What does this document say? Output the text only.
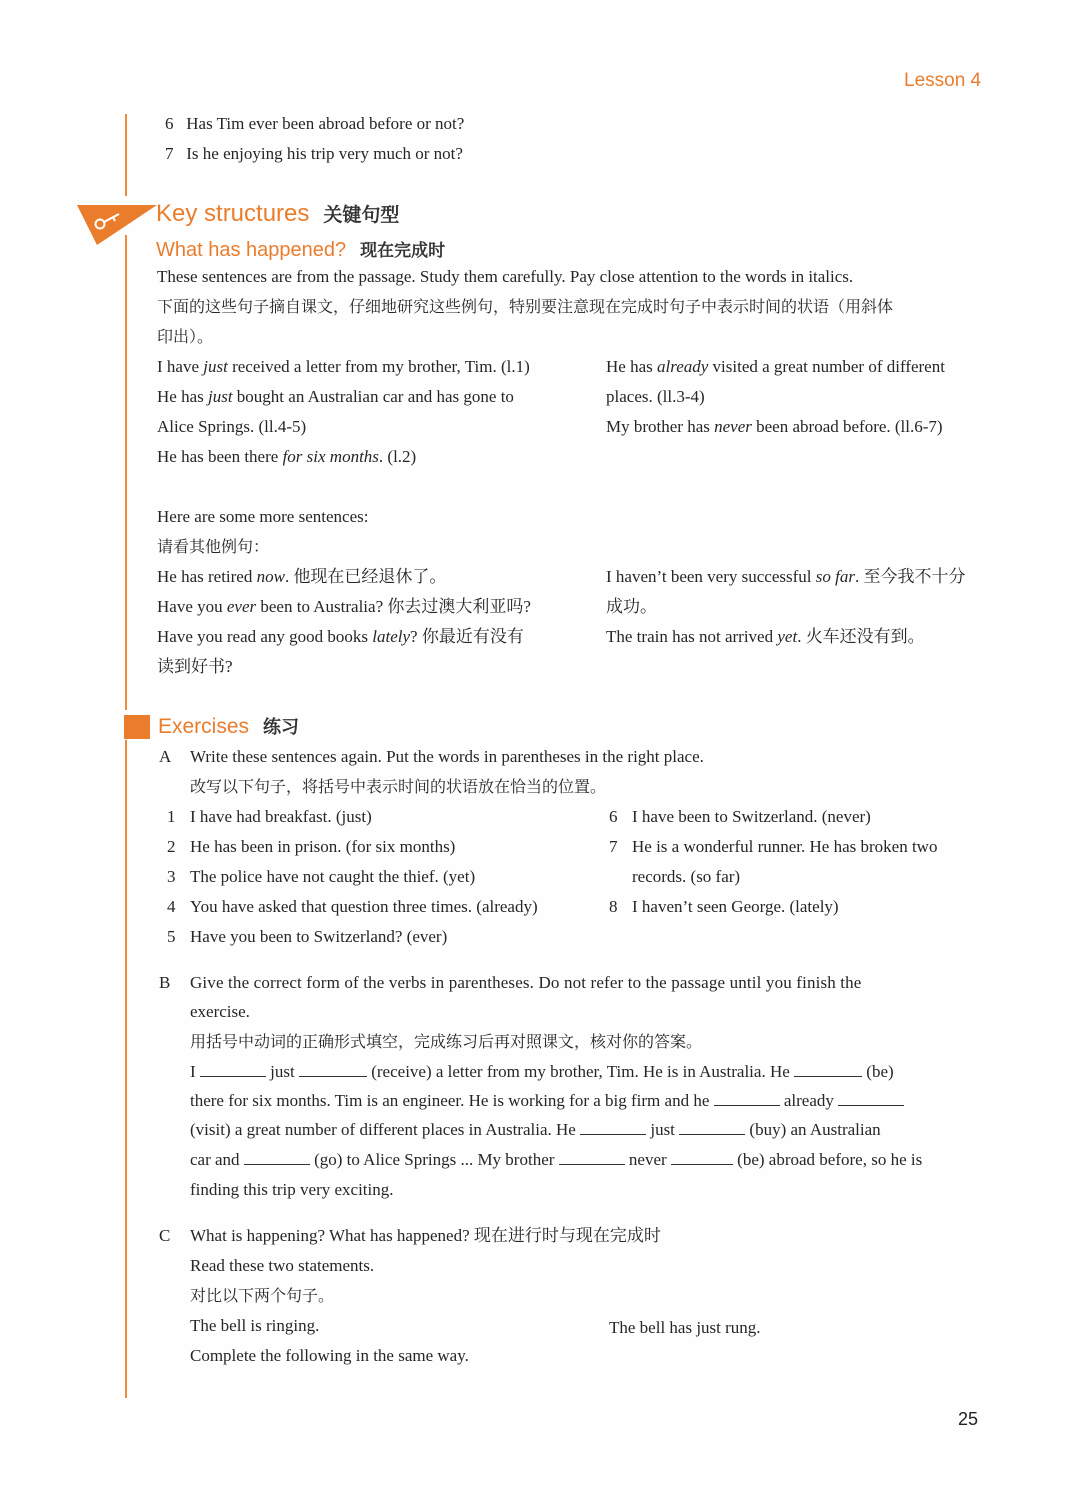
Lesson 4
6 Has Tim ever been abroad before or not?
7 Is he enjoying his trip very much or not?
Key structures 关键句型
What has happened? 现在完成时
These sentences are from the passage. Study them carefully. Pay close attention to the words in italics.
下面的这些句子摘自课文，仔细地研究这些例句，特别要注意现在完成时句子中表示时间的状语（用斜体
印出）。
I have just received a letter from my brother, Tim. (l.1)
He has just bought an Australian car and has gone to
Alice Springs. (ll.4-5)
He has been there for six months. (l.2)
He has already visited a great number of different
places. (ll.3-4)
My brother has never been abroad before. (ll.6-7)
Here are some more sentences:
请看其他例句：
He has retired now. 他现在已经退休了。
Have you ever been to Australia? 你去过澳大利亚吗?
Have you read any good books lately? 你最近有没有
读到好书?
I haven’t been very successful so far. 至今我不十分
成功。
The train has not arrived yet. 火车还没有到。
Exercises 练习
A Write these sentences again. Put the words in parentheses in the right place.
改写以下句子，将括号中表示时间的状语放在恰当的位置。
1 I have had breakfast. (just)
2 He has been in prison. (for six months)
3 The police have not caught the thief. (yet)
4 You have asked that question three times. (already)
5 Have you been to Switzerland? (ever)
6 I have been to Switzerland. (never)
7 He is a wonderful runner. He has broken two
records. (so far)
8 I haven’t seen George. (lately)
B Give the correct form of the verbs in parentheses. Do not refer to the passage until you finish the
exercise.
用括号中动词的正确形式填空，完成练习后再对照课文，核对你的答案。
I	just	(receive) a letter from my brother, Tim. He is in Australia. He	(be)
there for six months. Tim is an engineer. He is working for a big firm and he	already
(visit) a great number of different places in Australia. He	just	(buy) an Australian
car and	(go) to Alice Springs ... My brother	never	(be) abroad before, so he is
finding this trip very exciting.
C What is happening? What has happened? 现在进行时与现在完成时
Read these two statements.
对比以下两个句子。
The bell is ringing.	The bell has just rung.
Complete the following in the same way.
25
